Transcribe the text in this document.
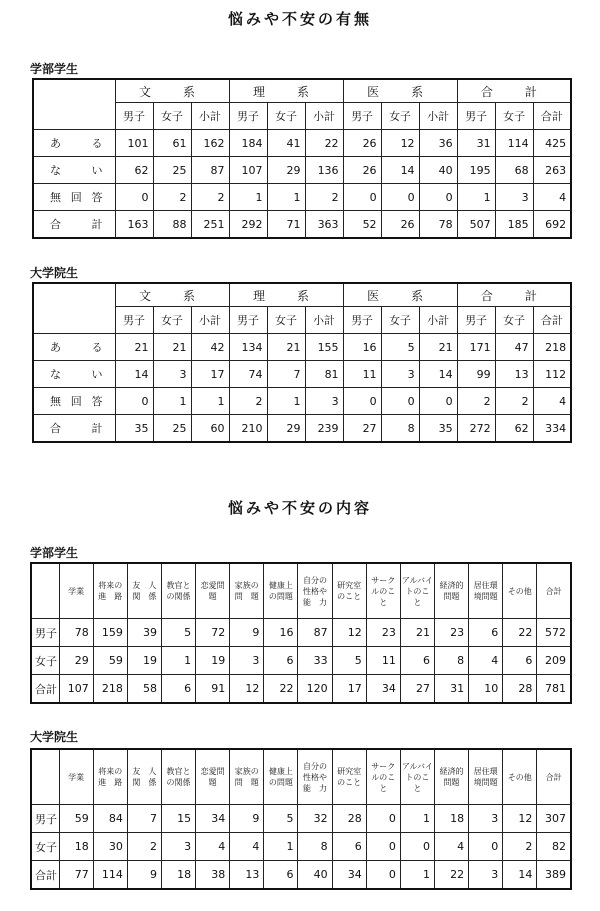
悩みや不安の有無
学部学生
	文　系			理　系			医　系			合　計		
	男子	女子	小計	男子	女子	小計	男子	女子	小計	男子	女子	合計
あ　る	101	61	162	184	41	22	26	12	36	31	114	425
な　い	62	25	87	107	29	136	26	14	40	195	68	263
無回答	0	2	2	1	1	2	0	0	0	1	3	4
合　計	163	88	251	292	71	363	52	26	78	507	185	692
大学院生
	文　系			理　系			医　系			合　計		
	男子	女子	小計	男子	女子	小計	男子	女子	小計	男子	女子	合計
あ　る	21	21	42	134	21	155	16	5	21	171	47	218
な　い	14	3	17	74	7	81	11	3	14	99	13	112
無回答	0	1	1	2	1	3	0	0	0	2	2	4
合　計	35	25	60	210	29	239	27	8	35	272	62	334
悩みや不安の内容
学部学生
	学業	将来の進　路	友　人関　係	教官との関係	恋愛問題	家族の問　題	健康上の問題	自分の性格や能　力	研究室のこと	サークルのこと	アルバイトのこと	経済的問題	居住環境問題	その他	合計
男子	78	159	39	5	72	9	16	87	12	23	21	23	6	22	572
女子	29	59	19	1	19	3	6	33	5	11	6	8	4	6	209
合計	107	218	58	6	91	12	22	120	17	34	27	31	10	28	781
大学院生
	学業	将来の進　路	友　人関　係	教官との関係	恋愛問題	家族の問　題	健康上の問題	自分の性格や能　力	研究室のこと	サークルのこと	アルバイトのこと	経済的問題	居住環境問題	その他	合計
男子	59	84	7	15	34	9	5	32	28	0	1	18	3	12	307
女子	18	30	2	3	4	4	1	8	6	0	0	4	0	2	82
合計	77	114	9	18	38	13	6	40	34	0	1	22	3	14	389
